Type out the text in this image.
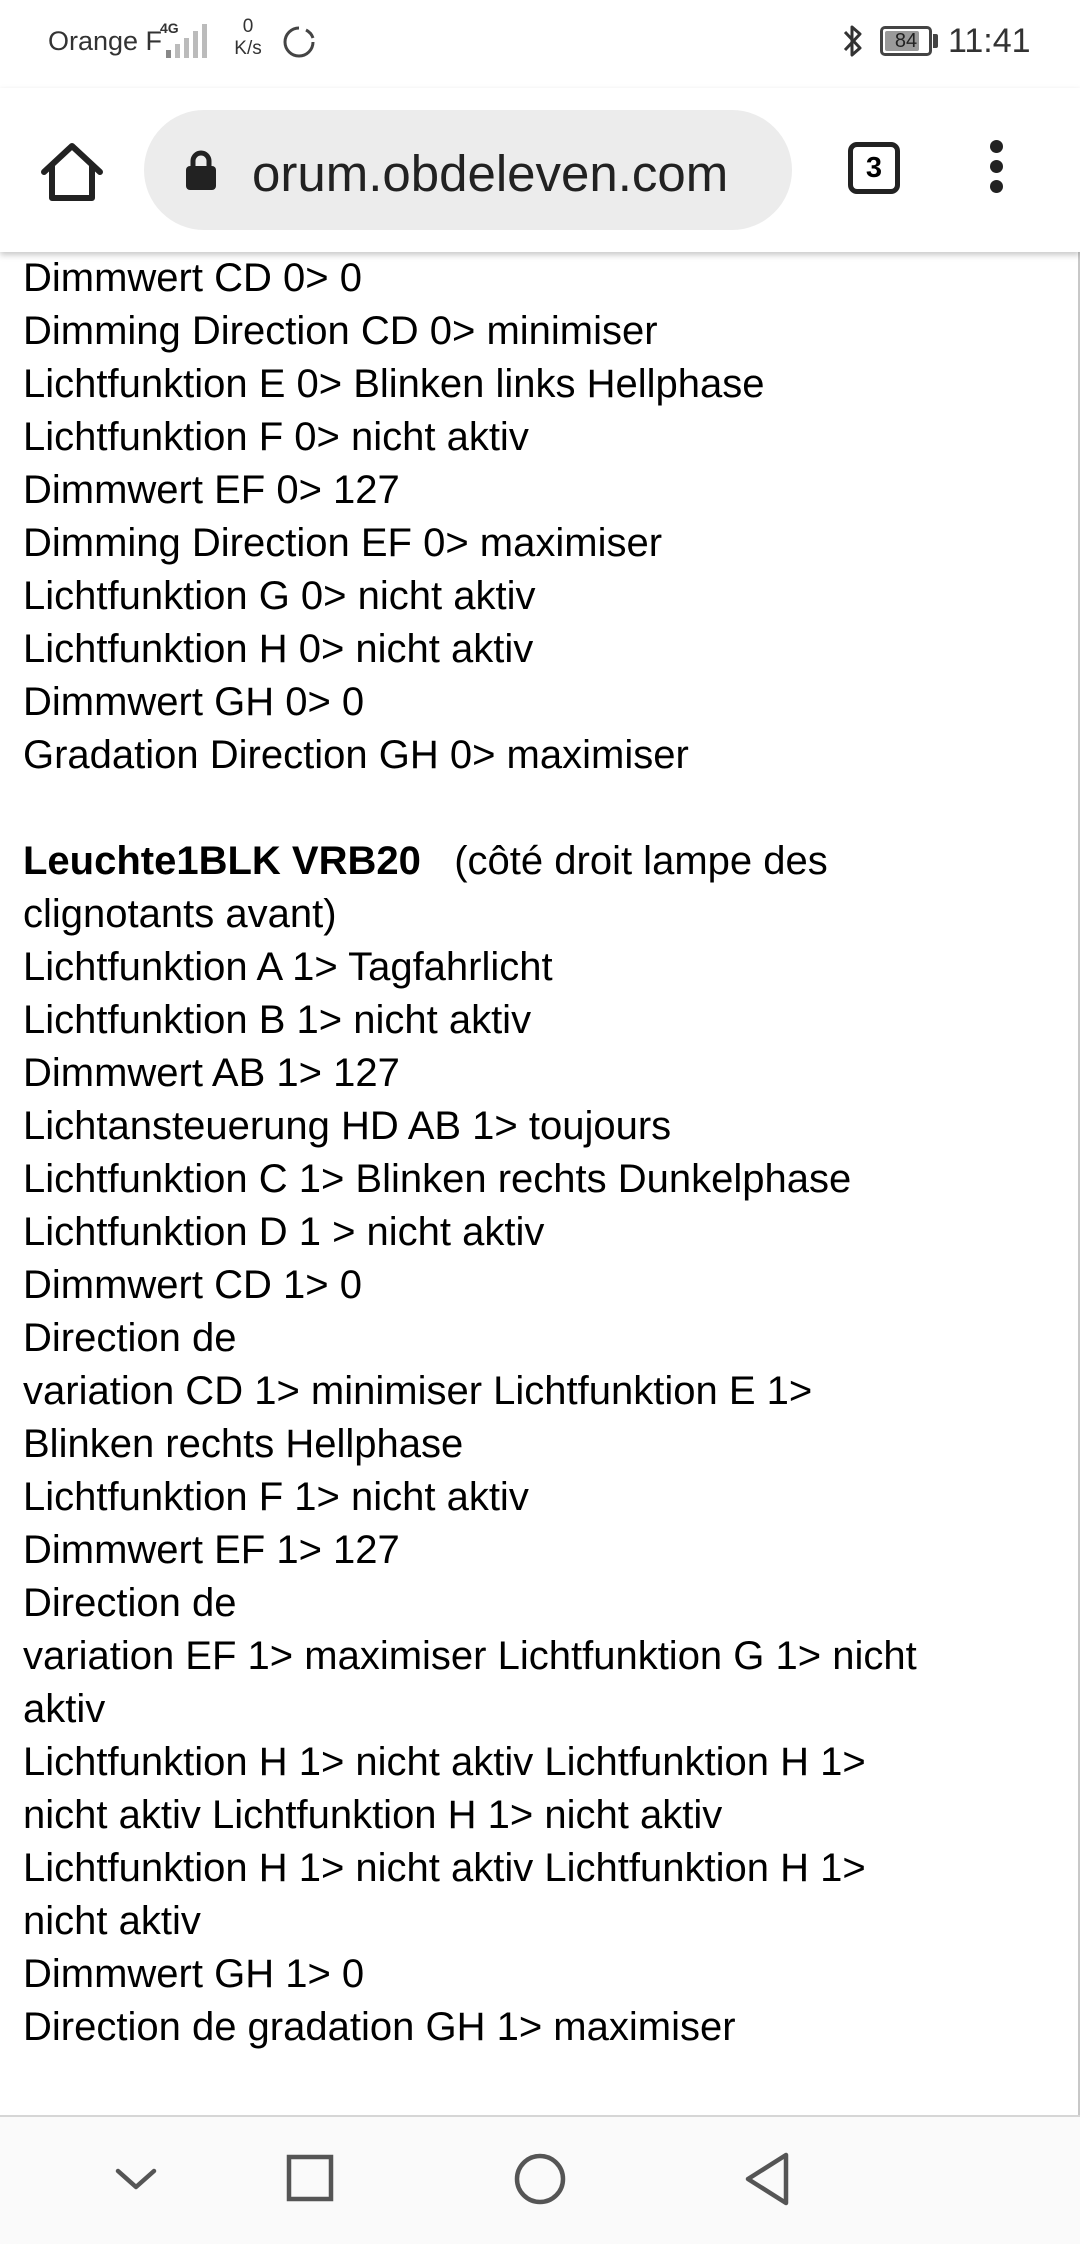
Orange F
4G	0
K/s	84 11:41
orum.obdeleven.com	3
Dimmwert CD 0> 0
Dimming Direction CD 0> minimiser
Lichtfunktion E 0> Blinken links Hellphase
Lichtfunktion F 0> nicht aktiv
Dimmwert EF 0> 127
Dimming Direction EF 0> maximiser
Lichtfunktion G 0> nicht aktiv
Lichtfunktion H 0> nicht aktiv
Dimmwert GH 0> 0
Gradation Direction GH 0> maximiser
Leuchte1BLK VRB20 (côté droit lampe des
clignotants avant)
Lichtfunktion A 1> Tagfahrlicht
Lichtfunktion B 1> nicht aktiv
Dimmwert AB 1> 127
Lichtansteuerung HD AB 1> toujours
Lichtfunktion C 1> Blinken rechts Dunkelphase
Lichtfunktion D 1 > nicht aktiv
Dimmwert CD 1> 0
Direction de
variation CD 1> minimiser Lichtfunktion E 1>
Blinken rechts Hellphase
Lichtfunktion F 1> nicht aktiv
Dimmwert EF 1> 127
Direction de
variation EF 1> maximiser Lichtfunktion G 1> nicht
aktiv
Lichtfunktion H 1> nicht aktiv Lichtfunktion H 1>
nicht aktiv Lichtfunktion H 1> nicht aktiv
Lichtfunktion H 1> nicht aktiv Lichtfunktion H 1>
nicht aktiv
Dimmwert GH 1> 0
Direction de gradation GH 1> maximiser
